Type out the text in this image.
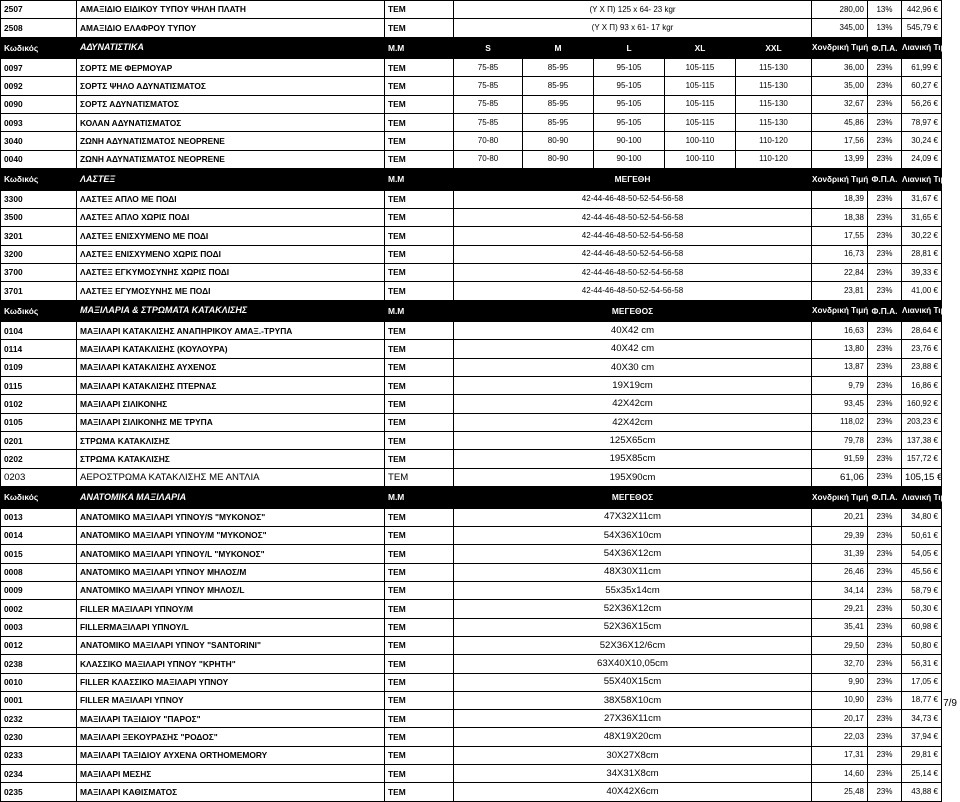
2507	ΑΜΑΞΙΔΙΟ ΕΙΔΙΚΟΥ ΤΥΠΟΥ ΨΗΛΗ ΠΛΑΤΗ	TEM	(Υ Χ Π) 125 x 64- 23 kgr					280,00	13%	442,96 €
2508	ΑΜΑΞΙΔΙΟ ΕΛΑΦΡΟΥ ΤΥΠΟΥ	TEM	(Υ Χ Π) 93 x 61- 17 kgr					345,00	13%	545,79 €
Κωδικός	ΑΔΥΝΑΤΙΣΤΙΚΑ	M.M	S	M	L	XL	XXL	Χονδρική Τιμή	Φ.Π.Α.	Λιανική Τιμή
0097	ΣΟΡΤΣ ΜΕ ΦΕΡΜΟΥΑΡ	TEM	75-85	85-95	95-105	105-115	115-130	36,00	23%	61,99 €
0092	ΣΟΡΤΣ ΨΗΛΟ ΑΔΥΝΑΤΙΣΜΑΤΟΣ	TEM	75-85	85-95	95-105	105-115	115-130	35,00	23%	60,27 €
0090	ΣΟΡΤΣ ΑΔΥΝΑΤΙΣΜΑΤΟΣ	TEM	75-85	85-95	95-105	105-115	115-130	32,67	23%	56,26 €
0093	ΚΟΛΑΝ ΑΔΥΝΑΤΙΣΜΑΤΟΣ	TEM	75-85	85-95	95-105	105-115	115-130	45,86	23%	78,97 €
3040	ΖΩΝΗ ΑΔΥΝΑΤΙΣΜΑΤΟΣ NEOPRENE	TEM	70-80	80-90	90-100	100-110	110-120	17,56	23%	30,24 €
0040	ΖΩΝΗ ΑΔΥΝΑΤΙΣΜΑΤΟΣ NEOPRENE	TEM	70-80	80-90	90-100	100-110	110-120	13,99	23%	24,09 €
Κωδικός	ΛΑΣΤΕΞ	M.M	ΜΕΓΕΘΗ					Χονδρική Τιμή	Φ.Π.Α.	Λιανική Τιμή
3300	ΛΑΣΤΕΞ ΑΠΛΟ ΜΕ ΠΟΔΙ	TEM	42-44-46-48-50-52-54-56-58					18,39	23%	31,67 €
3500	ΛΑΣΤΕΞ ΑΠΛΟ ΧΩΡΙΣ ΠΟΔΙ	TEM	42-44-46-48-50-52-54-56-58					18,38	23%	31,65 €
3201	ΛΑΣΤΕΞ ΕΝΙΣΧΥΜΕΝΟ ΜΕ ΠΟΔΙ	TEM	42-44-46-48-50-52-54-56-58					17,55	23%	30,22 €
3200	ΛΑΣΤΕΞ ΕΝΙΣΧΥΜΕΝΟ ΧΩΡΙΣ ΠΟΔΙ	TEM	42-44-46-48-50-52-54-56-58					16,73	23%	28,81 €
3700	ΛΑΣΤΕΞ ΕΓΚΥΜΟΣΥΝΗΣ ΧΩΡΙΣ ΠΟΔΙ	TEM	42-44-46-48-50-52-54-56-58					22,84	23%	39,33 €
3701	ΛΑΣΤΕΞ ΕΓΥΜΟΣΥΝΗΣ ΜΕ ΠΟΔΙ	TEM	42-44-46-48-50-52-54-56-58					23,81	23%	41,00 €
Κωδικός	ΜΑΞΙΛΑΡΙΑ & ΣΤΡΩΜΑΤΑ ΚΑΤΑΚΛΙΣΗΣ	M.M	ΜΕΓΕΘΟΣ					Χονδρική Τιμή	Φ.Π.Α.	Λιανική Τιμή
0104	ΜΑΞΙΛΑΡΙ ΚΑΤΑΚΛΙΣΗΣ ΑΝΑΠΗΡΙΚΟΥ ΑΜΑΞ.-ΤΡΥΠΑ	TEM	40X42 cm					16,63	23%	28,64 €
0114	ΜΑΞΙΛΑΡΙ ΚΑΤΑΚΛΙΣΗΣ (ΚΟΥΛΟΥΡΑ)	TEM	40X42 cm					13,80	23%	23,76 €
0109	ΜΑΞΙΛΑΡΙ ΚΑΤΑΚΛΙΣΗΣ ΑΥΧΕΝΟΣ	TEM	40X30 cm					13,87	23%	23,88 €
0115	ΜΑΞΙΛΑΡΙ ΚΑΤΑΚΛΙΣΗΣ ΠΤΕΡΝΑΣ	TEM	19X19cm					9,79	23%	16,86 €
0102	ΜΑΞΙΛΑΡΙ ΣΙΛΙΚΟΝΗΣ	TEM	42X42cm					93,45	23%	160,92 €
0105	ΜΑΞΙΛΑΡΙ ΣΙΛΙΚΟΝΗΣ ΜΕ ΤΡΥΠΑ	TEM	42X42cm					118,02	23%	203,23 €
0201	ΣΤΡΩΜΑ ΚΑΤΑΚΛΙΣΗΣ	TEM	125X65cm					79,78	23%	137,38 €
0202	ΣΤΡΩΜΑ ΚΑΤΑΚΛΙΣΗΣ	TEM	195X85cm					91,59	23%	157,72 €
0203	ΑΕΡΟΣΤΡΩΜΑ ΚΑΤΑΚΛΙΣΗΣ ΜΕ ΑΝΤΛΙΑ	TEM	195X90cm					61,06	23%	105,15 €
Κωδικός	ΑΝΑΤΟΜΙΚΑ ΜΑΞΙΛΑΡΙΑ	M.M	ΜΕΓΕΘΟΣ					Χονδρική Τιμή	Φ.Π.Α.	Λιανική Τιμή
0013	ΑΝΑΤΟΜΙΚΟ ΜΑΞΙΛΑΡΙ ΥΠΝΟΥ/S "ΜΥΚΟΝΟΣ"	TEM	47X32X11cm					20,21	23%	34,80 €
0014	ΑΝΑΤΟΜΙΚΟ ΜΑΞΙΛΑΡΙ ΥΠΝΟΥ/Μ "ΜΥΚΟΝΟΣ"	TEM	54X36X10cm					29,39	23%	50,61 €
0015	ΑΝΑΤΟΜΙΚΟ ΜΑΞΙΛΑΡΙ ΥΠΝΟΥ/L "ΜΥΚΟΝΟΣ"	TEM	54X36X12cm					31,39	23%	54,05 €
0008	ΑΝΑΤΟΜΙΚΟ ΜΑΞΙΛΑΡΙ ΥΠΝΟΥ ΜΗΛΟΣ/Μ	TEM	48X30X11cm					26,46	23%	45,56 €
0009	ΑΝΑΤΟΜΙΚΟ ΜΑΞΙΛΑΡΙ ΥΠΝΟΥ ΜΗΛΟΣ/L	TEM	55x35x14cm					34,14	23%	58,79 €
0002	FILLER ΜΑΞΙΛΑΡΙ ΥΠΝΟΥ/Μ	TEM	52X36X12cm					29,21	23%	50,30 €
0003	FILLERΜΑΞΙΛΑΡΙ ΥΠΝΟΥ/L	TEM	52X36X15cm					35,41	23%	60,98 €
0012	ΑΝΑΤΟΜΙΚΟ ΜΑΞΙΛΑΡΙ ΥΠΝΟΥ "SANTORINI"	TEM	52X36X12/6cm					29,50	23%	50,80 €
0238	ΚΛΑΣΣΙΚΟ ΜΑΞΙΛΑΡΙ ΥΠΝΟΥ "ΚΡΗΤΗ"	TEM	63X40X10,05cm					32,70	23%	56,31 €
0010	FILLER ΚΛΑΣΣΙΚΟ ΜΑΞΙΛΑΡΙ ΥΠΝΟΥ	TEM	55X40X15cm					9,90	23%	17,05 €
0001	FILLER ΜΑΞΙΛΑΡΙ ΥΠΝΟΥ	TEM	38X58X10cm					10,90	23%	18,77 €
0232	ΜΑΞΙΛΑΡΙ ΤΑΞΙΔΙΟΥ "ΠΑΡΟΣ"	TEM	27X36X11cm					20,17	23%	34,73 €
0230	ΜΑΞΙΛΑΡΙ ΞΕΚΟΥΡΑΣΗΣ "ΡΟΔΟΣ"	TEM	48X19X20cm					22,03	23%	37,94 €
0233	ΜΑΞΙΛΑΡΙ ΤΑΞΙΔΙΟΥ ΑΥΧΕΝΑ ORTHOMEMORY	TEM	30X27X8cm					17,31	23%	29,81 €
0234	ΜΑΞΙΛΑΡΙ ΜΕΣΗΣ	TEM	34X31X8cm					14,60	23%	25,14 €
0235	ΜΑΞΙΛΑΡΙ ΚΑΘΙΣΜΑΤΟΣ	TEM	40X42X6cm					25,48	23%	43,88 €
7/9
